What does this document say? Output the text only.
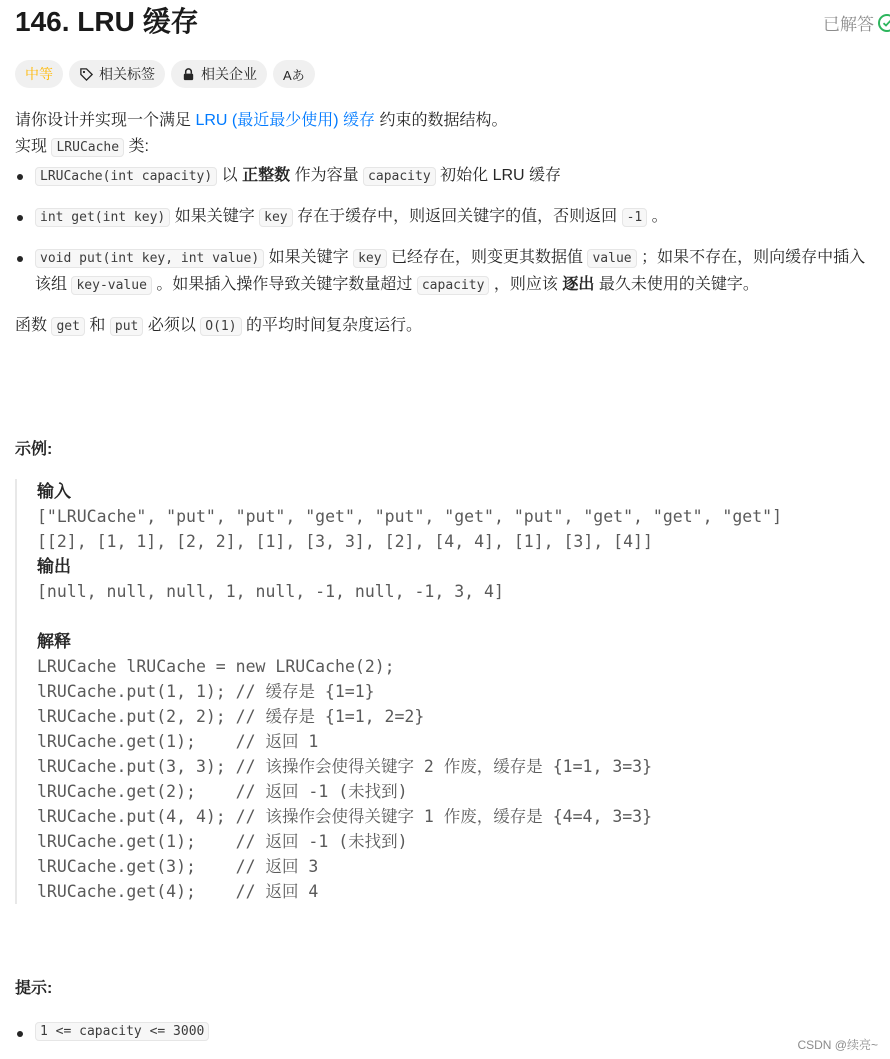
146. LRU 缓存	已解答
中等	相关标签	相关企业 Aあ

请你设计并实现一个满足 LRU (最近最少使用) 缓存 约束的数据结构。

实现 LRUCache 类:

LRUCache(int capacity) 以 正整数 作为容量 capacity 初始化 LRU 缓存
int get(int key) 如果关键字 key 存在于缓存中，则返回关键字的值，否则返回 -1 。
void put(int key, int value) 如果关键字 key 已经存在，则变更其数据值 value ；如果不存在，则向缓存中插入该组 key-value 。如果插入操作导致关键字数量超过 capacity ，则应该 逐出 最久未使用的关键字。

函数 get 和 put 必须以 O(1) 的平均时间复杂度运行。

示例:
输入
["LRUCache", "put", "put", "get", "put", "get", "put", "get", "get", "get"]
[[2], [1, 1], [2, 2], [1], [3, 3], [2], [4, 4], [1], [3], [4]]
输出
[null, null, null, 1, null, -1, null, -1, 3, 4]
解释
LRUCache lRUCache = new LRUCache(2);
lRUCache.put(1, 1); // 缓存是 {1=1}
lRUCache.put(2, 2); // 缓存是 {1=1, 2=2}
lRUCache.get(1);    // 返回 1
lRUCache.put(3, 3); // 该操作会使得关键字 2 作废，缓存是 {1=1, 3=3}
lRUCache.get(2);    // 返回 -1 (未找到)
lRUCache.put(4, 4); // 该操作会使得关键字 1 作废，缓存是 {4=4, 3=3}
lRUCache.get(1);    // 返回 -1 (未找到)
lRUCache.get(3);    // 返回 3
lRUCache.get(4);    // 返回 4
提示:
1 <= capacity <= 3000
CSDN @续亮~
